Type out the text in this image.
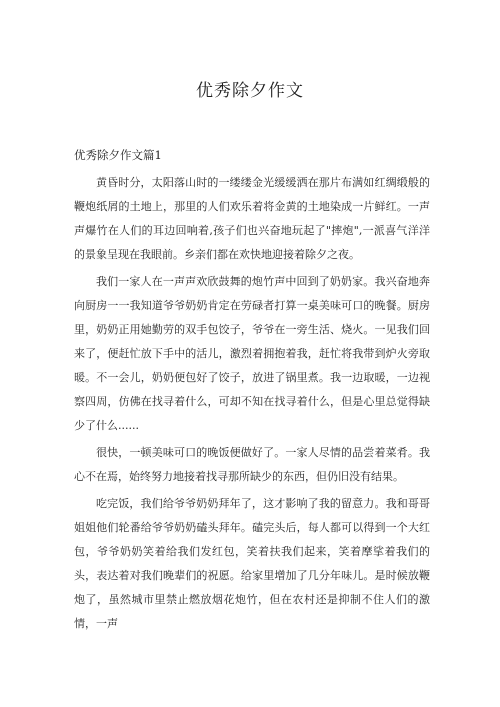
优秀除夕作文
优秀除夕作文篇1

黄昏时分，太阳落山时的一缕缕金光缓缓洒在那片布满如红绸缎般的鞭炮纸屑的土地上，那里的人们欢乐着将金黄的土地染成一片鲜红。一声声爆竹在人们的耳边回响着,孩子们也兴奋地玩起了"摔炮",一派喜气洋洋的景象呈现在我眼前。乡亲们都在欢快地迎接着除夕之夜。

我们一家人在一声声欢欣鼓舞的炮竹声中回到了奶奶家。我兴奋地奔向厨房一一我知道爷爷奶奶肯定在劳碌者打算一桌美味可口的晚餐。厨房里，奶奶正用她勤劳的双手包饺子，爷爷在一旁生活、烧火。一见我们回来了，便赶忙放下手中的活儿，激烈着拥抱着我，赶忙将我带到炉火旁取暖。不一会儿，奶奶便包好了饺子，放进了锅里煮。我一边取暖，一边视察四周，仿佛在找寻着什么，可却不知在找寻着什么，但是心里总觉得缺少了什么......

很快，一顿美味可口的晚饭便做好了。一家人尽情的品尝着菜肴。我心不在焉，始终努力地接着找寻那所缺少的东西，但仍旧没有结果。

吃完饭，我们给爷爷奶奶拜年了，这才影响了我的留意力。我和哥哥姐姐他们轮番给爷爷奶奶磕头拜年。磕完头后，每人都可以得到一个大红包，爷爷奶奶笑着给我们发红包，笑着扶我们起来，笑着摩挲着我们的头，表达着对我们晚辈们的祝愿。给家里增加了几分年味儿。是时候放鞭炮了，虽然城市里禁止燃放烟花炮竹，但在农村还是抑制不住人们的激情，一声
